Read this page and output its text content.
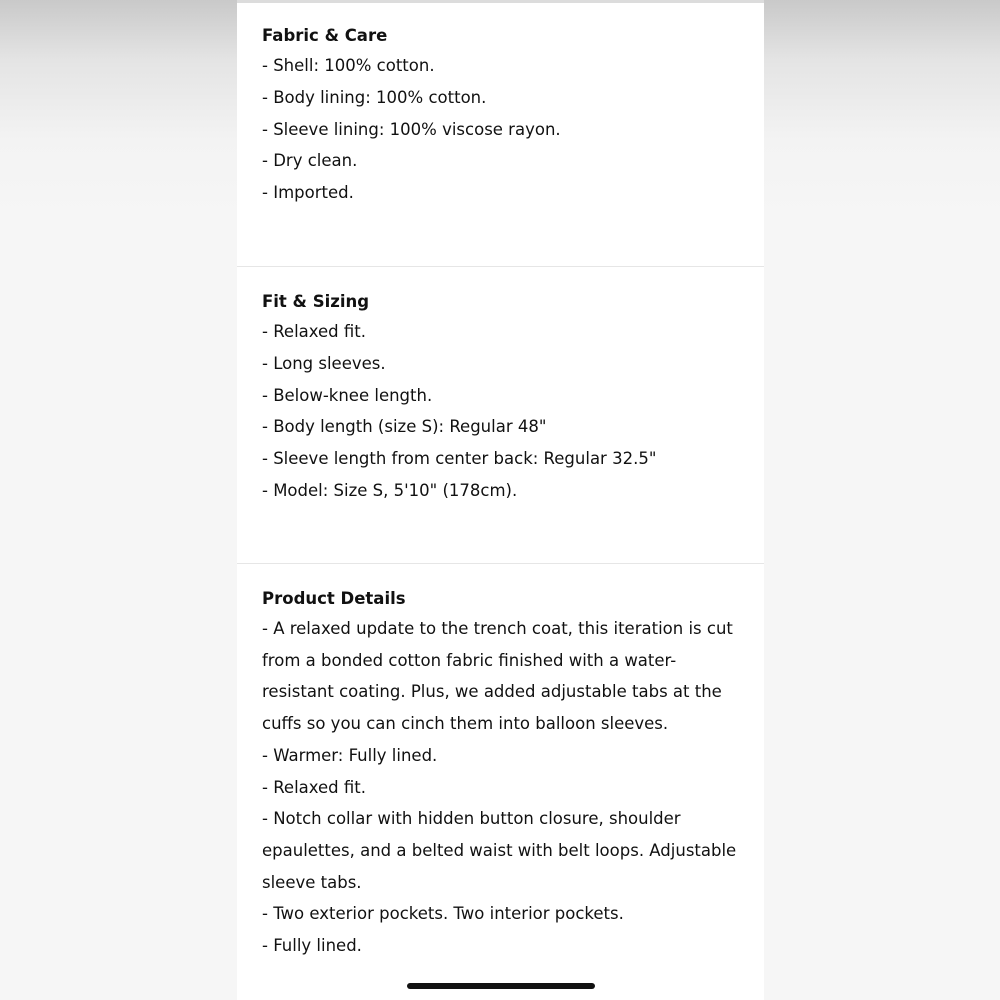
Fabric & Care
- Shell: 100% cotton.
- Body lining: 100% cotton.
- Sleeve lining: 100% viscose rayon.
- Dry clean.
- Imported.
Fit & Sizing
- Relaxed fit.
- Long sleeves.
- Below-knee length.
- Body length (size S): Regular 48"
- Sleeve length from center back: Regular 32.5"
- Model: Size S, 5'10" (178cm).
Product Details
- A relaxed update to the trench coat, this iteration is cut
from a bonded cotton fabric finished with a water-
resistant coating. Plus, we added adjustable tabs at the
cuffs so you can cinch them into balloon sleeves.
- Warmer: Fully lined.
- Relaxed fit.
- Notch collar with hidden button closure, shoulder
epaulettes, and a belted waist with belt loops. Adjustable
sleeve tabs.
- Two exterior pockets. Two interior pockets.
- Fully lined.
